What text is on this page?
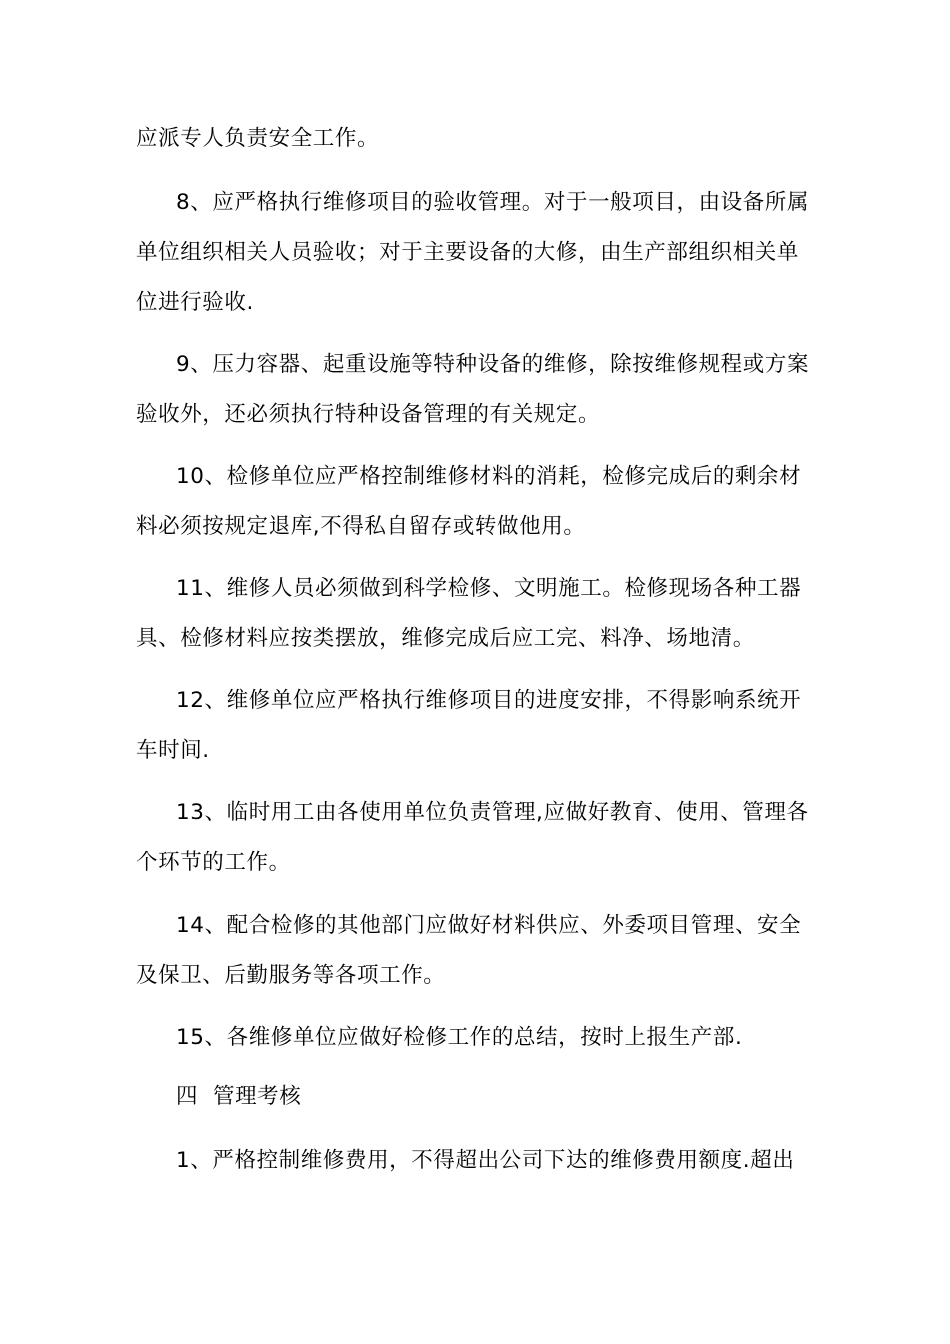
应派专人负责安全工作。
8、应严格执行维修项目的验收管理。对于一般项目，由设备所属
单位组织相关人员验收；对于主要设备的大修，由生产部组织相关单
位进行验收.
9、压力容器、起重设施等特种设备的维修，除按维修规程或方案
验收外，还必须执行特种设备管理的有关规定。
10、检修单位应严格控制维修材料的消耗，检修完成后的剩余材
料必须按规定退库,不得私自留存或转做他用。
11、维修人员必须做到科学检修、文明施工。检修现场各种工器
具、检修材料应按类摆放，维修完成后应工完、料净、场地清。
12、维修单位应严格执行维修项目的进度安排，不得影响系统开
车时间.
13、临时用工由各使用单位负责管理,应做好教育、使用、管理各
个环节的工作。
14、配合检修的其他部门应做好材料供应、外委项目管理、安全
及保卫、后勤服务等各项工作。
15、各维修单位应做好检修工作的总结，按时上报生产部.
四  管理考核
1、严格控制维修费用，不得超出公司下达的维修费用额度.超出
